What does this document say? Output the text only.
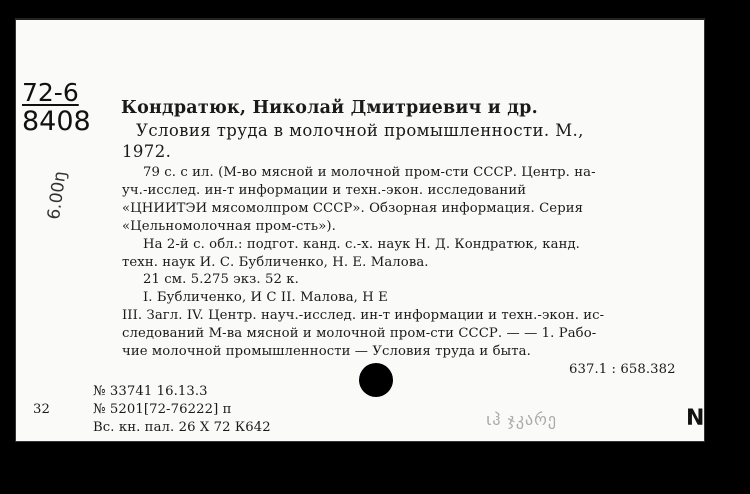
72-6
8408
6.00ŋ
Кондратюк, Николай Дмитриевич и др.
Условия труда в молочной промышленности. М.,
1972.
79 с. с ил. (М-во мясной и молочной пром-сти СССР. Центр. на-
уч.-исслед. ин-т информации и техн.-экон. исследований
«ЦНИИТЭИ мясомолпром СССР». Обзорная информация. Серия
«Цельномолочная пром-сть»).
На 2-й с. обл.: подгот. канд. с.-х. наук Н. Д. Кондратюк, канд.
техн. наук И. С. Бубличенко, Н. Е. Малова.
21 см. 5.275 экз. 52 к.
I. Бубличенко, И С II. Малова, Н Е
III. Загл. IV. Центр. науч.-исслед. ин-т информации и техн.-экон. ис-
следований М-ва мясной и молочной пром-сти СССР. — — 1. Рабо-
чие молочной промышленности — Условия труда и быта.
637.1 : 658.382
№ 33741 16.13.3
32	№ 5201[72-76222] п
Вс. кн. пал. 26 X 72 К642	ιჰ ჯკარე	Ν
